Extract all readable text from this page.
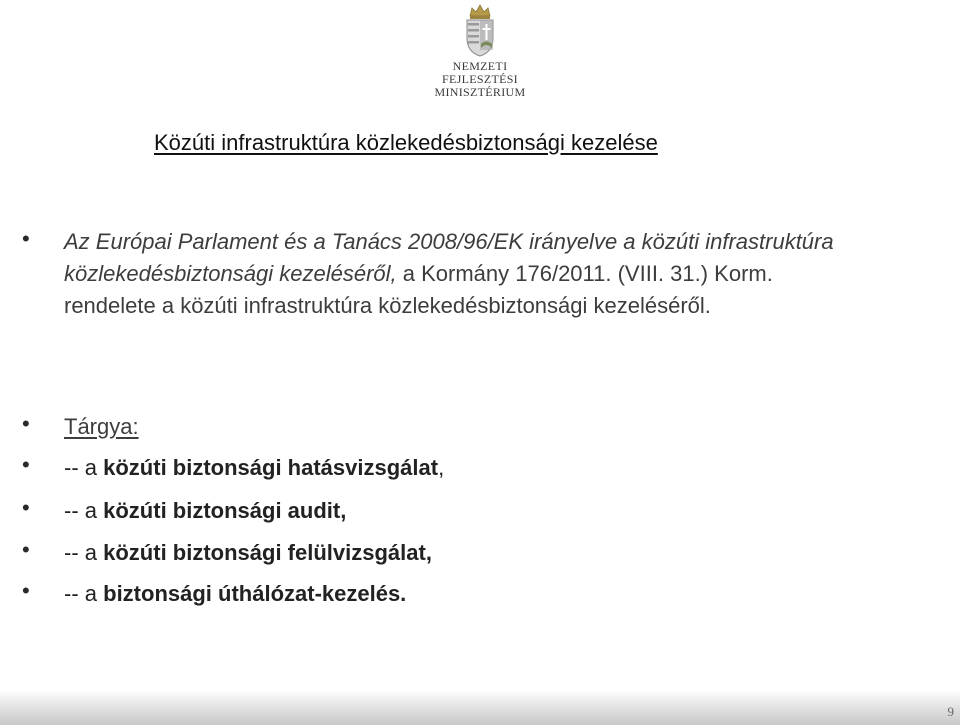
NEMZETI FEJLESZTÉSI
MINISZTÉRIUM
Közúti infrastruktúra közlekedésbiztonsági kezelése
• Az Európai Parlament és a Tanács 2008/96/EK irányelve a közúti infrastruktúra közlekedésbiztonsági kezeléséről, a Kormány 176/2011. (VIII. 31.) Korm. rendelete a közúti infrastruktúra közlekedésbiztonsági kezeléséről.
• Tárgya:
• -- a közúti biztonsági hatásvizsgálat,
• -- a közúti biztonsági audit,
• -- a közúti biztonsági felülvizsgálat,
• -- a biztonsági úthálózat-kezelés.
9
